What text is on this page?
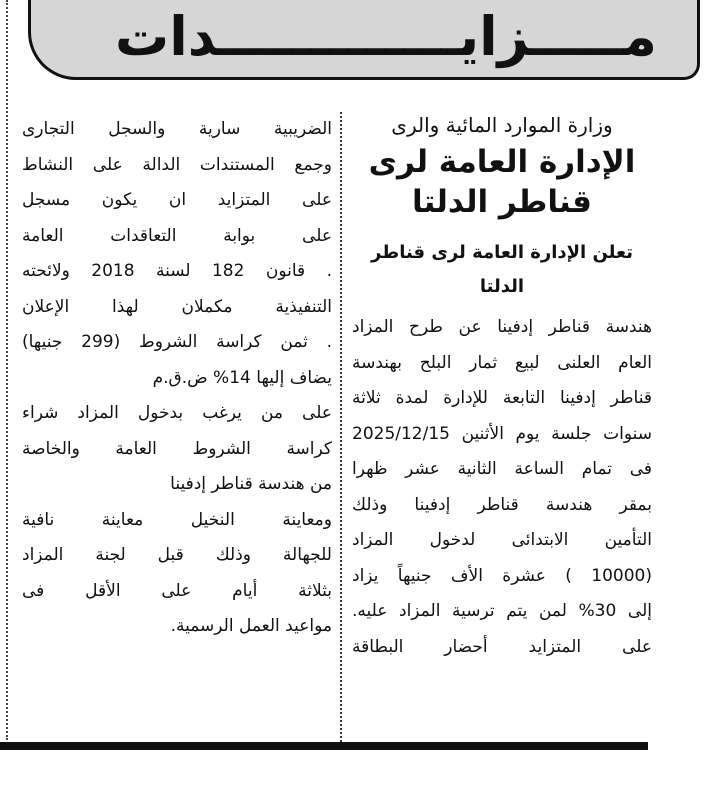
مـــــزايـــــــــــــدات
وزارة الموارد المائية والرى
الإدارة العامة لرى
قناطر الدلتا
تعلن الإدارة العامة لرى قناطر
الدلتا
هندسة قناطر إدفينا عن طرح المزاد
العام العلنى لبيع ثمار البلح بهندسة
قناطر إدفينا التابعة للإدارة لمدة ثلاثة
سنوات جلسة يوم الأثنين 2025/12/15
فى تمام الساعة الثانية عشر ظهرا
بمقر هندسة قناطر إدفينا وذلك
التأمين الابتدائى لدخول المزاد
(10000 ) عشرة الأف جنيهاً يزاد
إلى 30% لمن يتم ترسية المزاد عليه.
على المتزايد أحضار البطاقة
الضريبية سارية والسجل التجارى
وجمع المستندات الدالة على النشاط
على المتزايد ان يكون مسجل
على بوابة التعاقدات العامة
. قانون 182 لسنة 2018 ولائحته
التنفيذية مكملان لهذا الإعلان
. ثمن كراسة الشروط (299 جنيها)
يضاف إليها 14% ض.ق.م
على من يرغب بدخول المزاد شراء
كراسة الشروط العامة والخاصة
من هندسة قناطر إدفينا
ومعاينة النخيل معاينة نافية
للجهالة وذلك قبل لجنة المزاد
بثلاثة أيام على الأقل فى
مواعيد العمل الرسمية.
